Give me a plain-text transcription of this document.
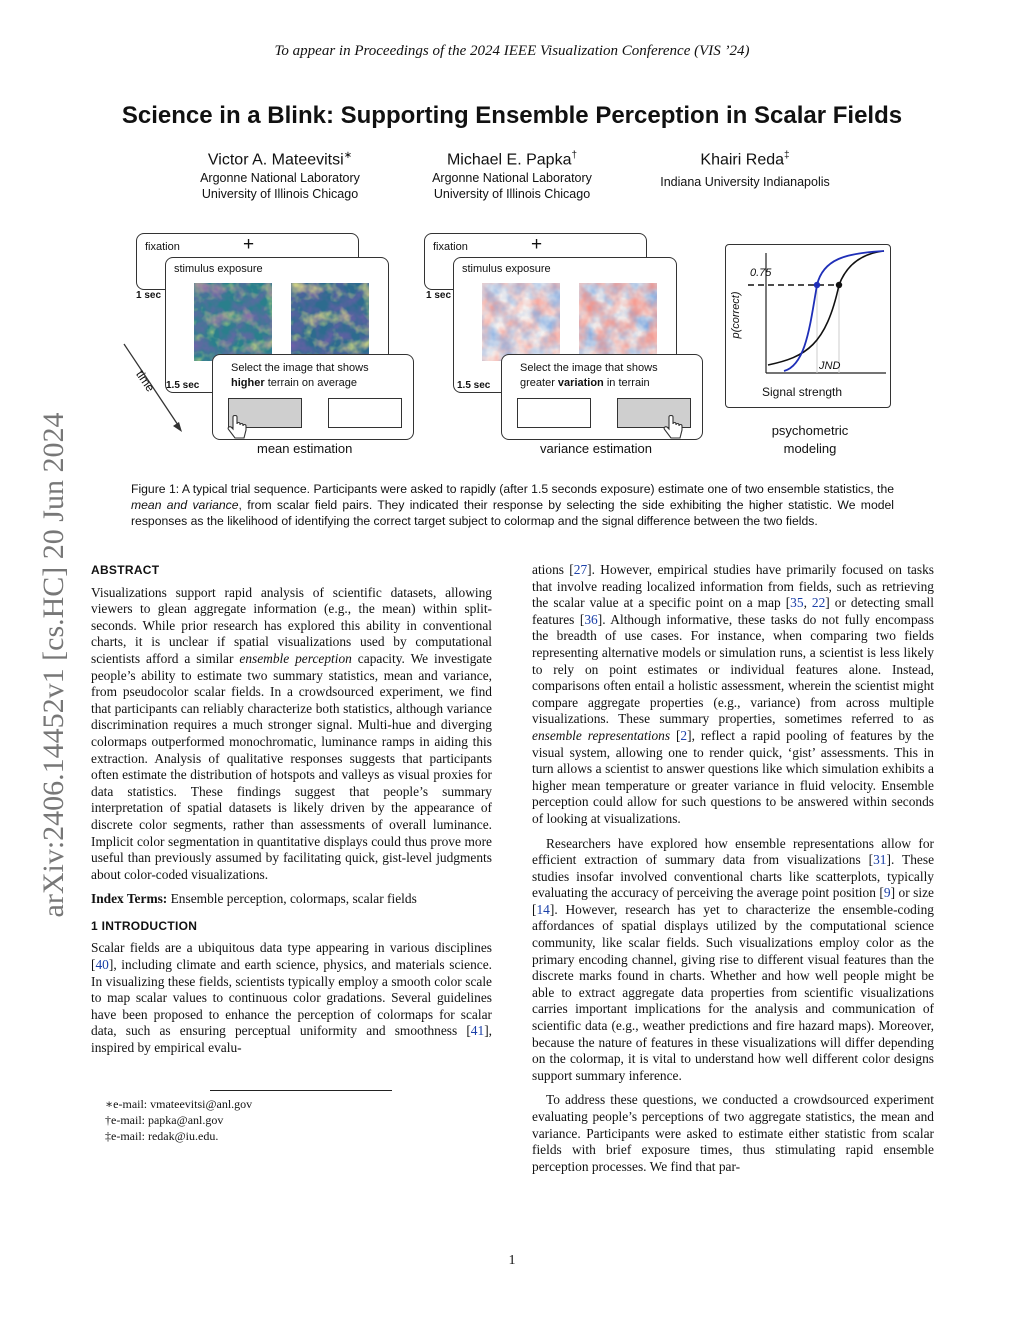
To appear in Proceedings of the 2024 IEEE Visualization Conference (VIS ’24)
arXiv:2406.14452v1 [cs.HC] 20 Jun 2024
Science in a Blink: Supporting Ensemble Perception in Scalar Fields
Victor A. Mateevitsi∗
Argonne National Laboratory
University of Illinois Chicago
Michael E. Papka†
Argonne National Laboratory
University of Illinois Chicago
Khairi Reda‡
Indiana University Indianapolis
fixation	+
1 sec
stimulus exposure
1.5 sec
Select the image that shows
higher terrain on average
mean estimation
time
fixation	+
1 sec
stimulus exposure
1.5 sec
Select the image that shows
greater variation in terrain
variance estimation
0.75
JND
p(correct)
Signal strength
psychometric
modeling
Figure 1: A typical trial sequence. Participants were asked to rapidly (after 1.5 seconds exposure) estimate one of two ensemble statistics, the mean and variance, from scalar field pairs. They indicated their response by selecting the side exhibiting the higher statistic. We model responses as the likelihood of identifying the correct target subject to colormap and the signal difference between the two fields.
ABSTRACT

Visualizations support rapid analysis of scientific datasets, allowing viewers to glean aggregate information (e.g., the mean) within split-seconds. While prior research has explored this ability in conventional charts, it is unclear if spatial visualizations used by computational scientists afford a similar ensemble perception capacity. We investigate people’s ability to estimate two summary statistics, mean and variance, from pseudocolor scalar fields. In a crowdsourced experiment, we find that participants can reliably characterize both statistics, although variance discrimination requires a much stronger signal. Multi-hue and diverging colormaps outperformed monochromatic, luminance ramps in aiding this extraction. Analysis of qualitative responses suggests that participants often estimate the distribution of hotspots and valleys as visual proxies for data statistics. These findings suggest that people’s summary interpretation of spatial datasets is likely driven by the appearance of discrete color segments, rather than assessments of overall luminance. Implicit color segmentation in quantitative displays could thus prove more useful than previously assumed by facilitating quick, gist-level judgments about color-coded visualizations.

Index Terms: Ensemble perception, colormaps, scalar fields

1 INTRODUCTION

Scalar fields are a ubiquitous data type appearing in various disciplines [40], including climate and earth science, physics, and materials science. In visualizing these fields, scientists typically employ a smooth color scale to map scalar values to continuous color gradations. Several guidelines have been proposed to enhance the perception of colormaps for scalar data, such as ensuring perceptual uniformity and smoothness [41], inspired by empirical evalu-

∗e-mail: vmateevitsi@anl.gov
†e-mail: papka@anl.gov
‡e-mail: redak@iu.edu.

ations [27]. However, empirical studies have primarily focused on tasks that involve reading localized information from fields, such as retrieving the scalar value at a specific point on a map [35, 22] or detecting small features [36]. Although informative, these tasks do not fully encompass the breadth of use cases. For instance, when comparing two fields representing alternative models or simulation runs, a scientist is less likely to rely on point estimates or individual features alone. Instead, comparisons often entail a holistic assessment, wherein the scientist might compare aggregate properties (e.g., variance) from across multiple visualizations. These summary properties, sometimes referred to as ensemble representations [2], reflect a rapid pooling of features by the visual system, allowing one to render quick, ‘gist’ assessments. This in turn allows a scientist to answer questions like which simulation exhibits a higher mean temperature or greater variance in fluid velocity. Ensemble perception could allow for such questions to be answered within seconds of looking at visualizations.

Researchers have explored how ensemble representations allow for efficient extraction of summary data from visualizations [31]. These studies insofar involved conventional charts like scatterplots, typically evaluating the accuracy of perceiving the average point position [9] or size [14]. However, research has yet to characterize the ensemble-coding affordances of spatial displays utilized by the computational science community, like scalar fields. Such visualizations employ color as the primary encoding channel, giving rise to different visual features than the discrete marks found in charts. Whether and how well people might be able to extract aggregate data properties from scientific visualizations carries important implications for the analysis and communication of scientific data (e.g., weather predictions and fire hazard maps). Moreover, because the nature of features in these visualizations will differ depending on the colormap, it is vital to understand how well different color designs support summary inference.

To address these questions, we conducted a crowdsourced experiment evaluating people’s perceptions of two aggregate statistics, the mean and variance. Participants were asked to estimate either statistic from scalar fields with brief exposure times, thus stimulating rapid ensemble perception processes. We find that par-

1
